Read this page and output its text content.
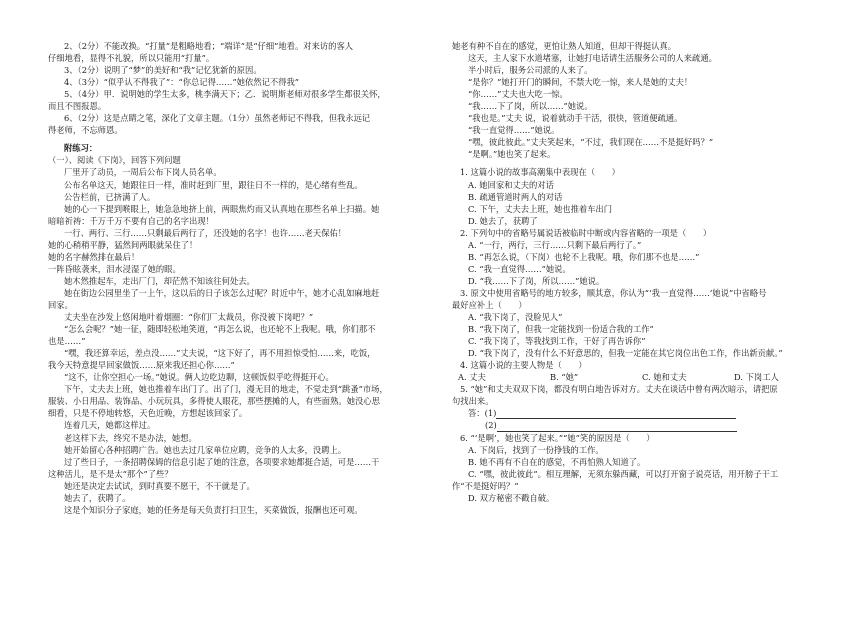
2、（2分）不能改换。“打量”是粗略地看；“端详”是“仔细”地看。对来访的客人
仔细地看，显得不礼貌，所以只能用“打量”。
3、（2分）说明了“梦”的美好和“我”记忆犹新的原因。
4、（3分）“似乎认不得我了”：“你总记得……”她依然记不得我”
5、（4分）甲．说明她的学生太多，桃李满天下；乙．说明斯老师对很多学生都很关怀，
而且不图报恩。
6、（2分）这是点睛之笔，深化了文章主题。（1分）虽然老师记不得我，但我永远记
得老师，不忘师恩。
附练习：
（一）、阅读《下岗》，回答下列问题
厂里开了动员，一周后公布下岗人员名单。
公布名单这天，她跟往日一样，准时赶到厂里，跟往日不一样的，是心绪有些乱。
公告栏前，已挤满了人。
她的心一下提到喉眼上，她急急地挤上前，两眼焦灼而又认真地在那些名单上扫描。她
暗暗祈祷：千万千万不要有自己的名字出现！
一行、两行、三行……只剩最后两行了，还没她的名字！也许……老天保佑！
她的心稍稍平静，猛然间两眼就呆住了！
她的名字赫然排在最后！
一阵昏眩袭来，泪水浸湿了她的眼。
她木然推起车，走出厂门，却茫然不知该往何处去。
她在街边公园里坐了一上午，这以后的日子该怎么过呢？时近中午，她才心乱如麻地赶
回家。
丈夫坐在沙发上悠闲地叶着烟圈：“你们厂太裁员，你没被下岗吧？”
“怎么会呢？”她一征，随即轻松地笑道，“再怎么说，也还轮不上我呢。哦，你们那不
也是……”
“嘿，我还算幸运，差点没……”丈夫说，“这下好了，再不用担惊受怕……来，吃饭，
我今天特意提早回家做饭……原来我还担心你……”
“这不，让你空担心一场。”她说。俩人边吃边聊，这顿饭似乎吃得挺开心。
下午，丈夫去上班，她也推着车出门了。出了门，漫无目的地走，不觉走到“跳蚤”市场，
服装、小日用品、装饰品、小玩玩具，多得使人眼花，那些摆摊的人，有些面熟。她没心思
细看，只是不停地转悠，天色近晚，方想起该回家了。
连着几天，她都这样过。
老这样下去，终究不是办法，她想。
她开始留心各种招聘广告。她也去过几家单位应聘，竞争的人太多，没聘上。
过了些日子，一条招聘保姆的信息引起了她的注意，各项要求她都挺合适，可是……干
这种活儿，是不是太“那个”了些？
她还是决定去试试，到时真要不愿干，不干就是了。
她去了，获聘了。
这是个知识分子家庭，她的任务是每天负责打扫卫生，买菜做饭，报酬也还可观。
她老有种不自在的感觉，更怕让熟人知道，但却干得挺认真。
这天，主人家下水道堵塞，让她打电话请生活服务公司的人来疏通。
半小时后，服务公司派的人来了。
“是你？”她打开门的瞬间，不禁大吃一惊，来人是她的丈夫！
“你……”丈夫也大吃一惊。
“我……下了岗，所以……”她说。
“我也是。”丈夫 说，说着就动手干活，很快，管道便疏通。
“我一直觉得……”她说。
“嘿，彼此彼此。”丈夫笑起来，“不过，我们现在……不是挺好吗？”
“是啊。”她也笑了起来。
1. 这篇小说的故事高潮集中表现在（　　）
A. 她回家和丈夫的对话
B. 疏通管道时两人的对话
C. 下午，丈夫去上班，她也推着车出门
D. 她去了，获聘了
2. 下列句中的省略号属说话被临时中断或内容省略的一项是（　　）
A. “一行，两行，三行……只剩下最后两行了。”
B. “再怎么说，（下岗）也轮不上我呢。哦，你们那不也是……”
C. “我一直觉得……”她说。
D. “我……下了岗，所以……”她说。
3. 原文中使用省略号的地方较多，顺其意，你认为“‘我一直觉得……’她说”中省略号
最好应补上（　　）
A. “我下岗了，没脸见人”
B. “我下岗了，但我一定能找到一份适合我的工作”
C. “我下岗了，等我找到工作，干好了再告诉你”
D. “我下岗了，没有什么不好意思的，但我一定能在其它岗位出色工作，作出新贡献。”
4. 这篇小说的主要人物是（　　）
A. 丈夫	B. “她”	C. 她和丈夫	D. 下岗工人
5. “她”和丈夫双双下岗，都没有明白地告诉对方。丈夫在谈话中曾有两次暗示，请把原
句找出来。
答：(1)
(2)
6. “‘是啊’，她也笑了起来。”“她”笑的原因是（　　）
A. 下岗后，找到了一份挣钱的工作。
B. 她不再有不自在的感觉，不再怕熟人知道了。
C. “嘿，彼此彼此”。相互理解，无须东躲西藏，可以打开窗子说亮话，用开膀子干工
作“不是挺好吗？”
D. 双方秘密不戳自破。
